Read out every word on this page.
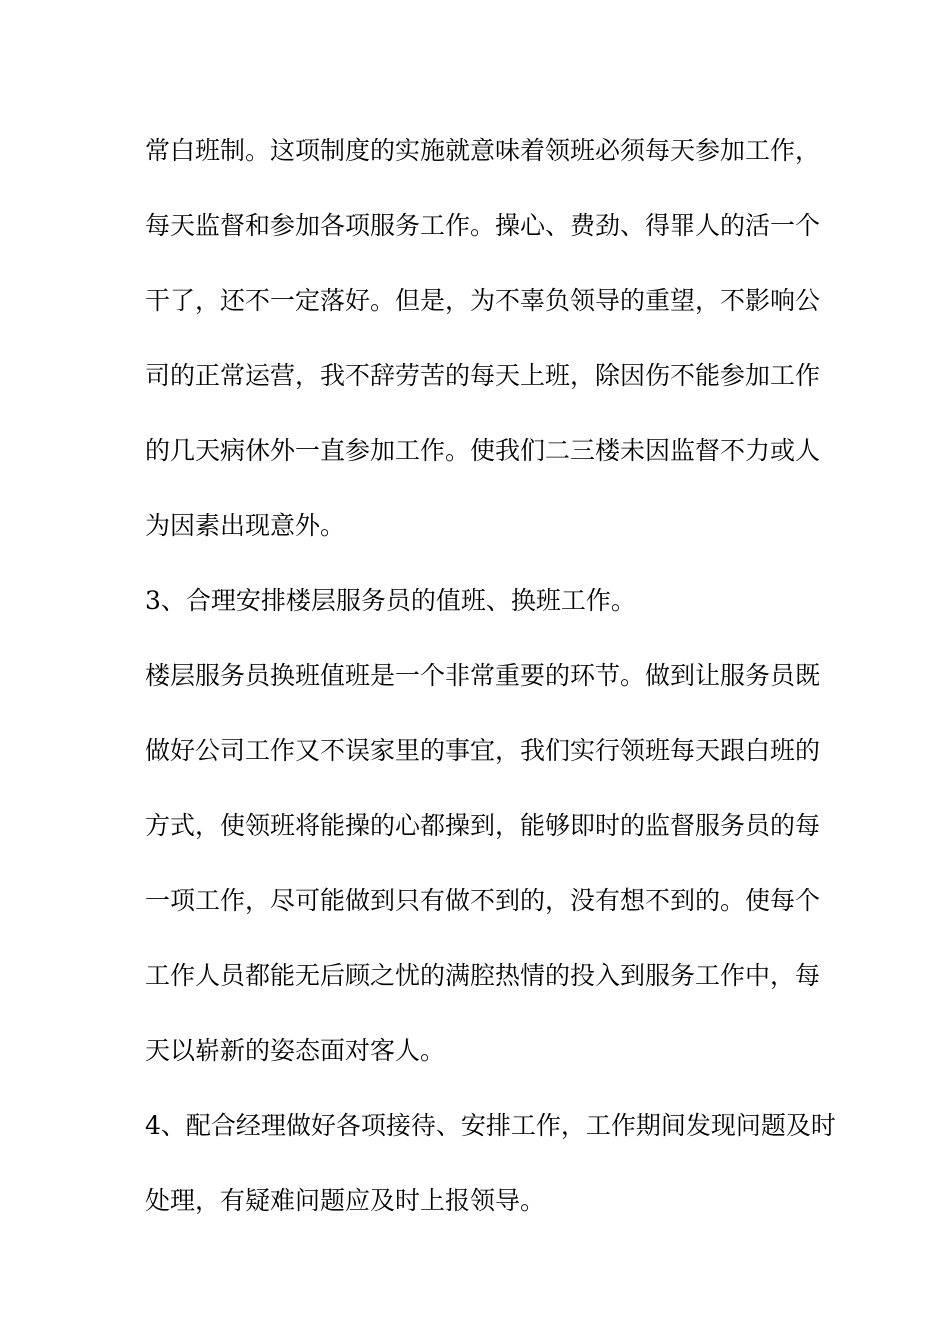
常白班制。这项制度的实施就意味着领班必须每天参加工作，
每天监督和参加各项服务工作。操心、费劲、得罪人的活一个
干了，还不一定落好。但是，为不辜负领导的重望，不影响公
司的正常运营，我不辞劳苦的每天上班，除因伤不能参加工作
的几天病休外一直参加工作。使我们二三楼未因监督不力或人
为因素出现意外。
3、合理安排楼层服务员的值班、换班工作。
楼层服务员换班值班是一个非常重要的环节。做到让服务员既
做好公司工作又不误家里的事宜，我们实行领班每天跟白班的
方式，使领班将能操的心都操到，能够即时的监督服务员的每
一项工作，尽可能做到只有做不到的，没有想不到的。使每个
工作人员都能无后顾之忧的满腔热情的投入到服务工作中，每
天以崭新的姿态面对客人。
4、配合经理做好各项接待、安排工作，工作期间发现问题及时
处理，有疑难问题应及时上报领导。
